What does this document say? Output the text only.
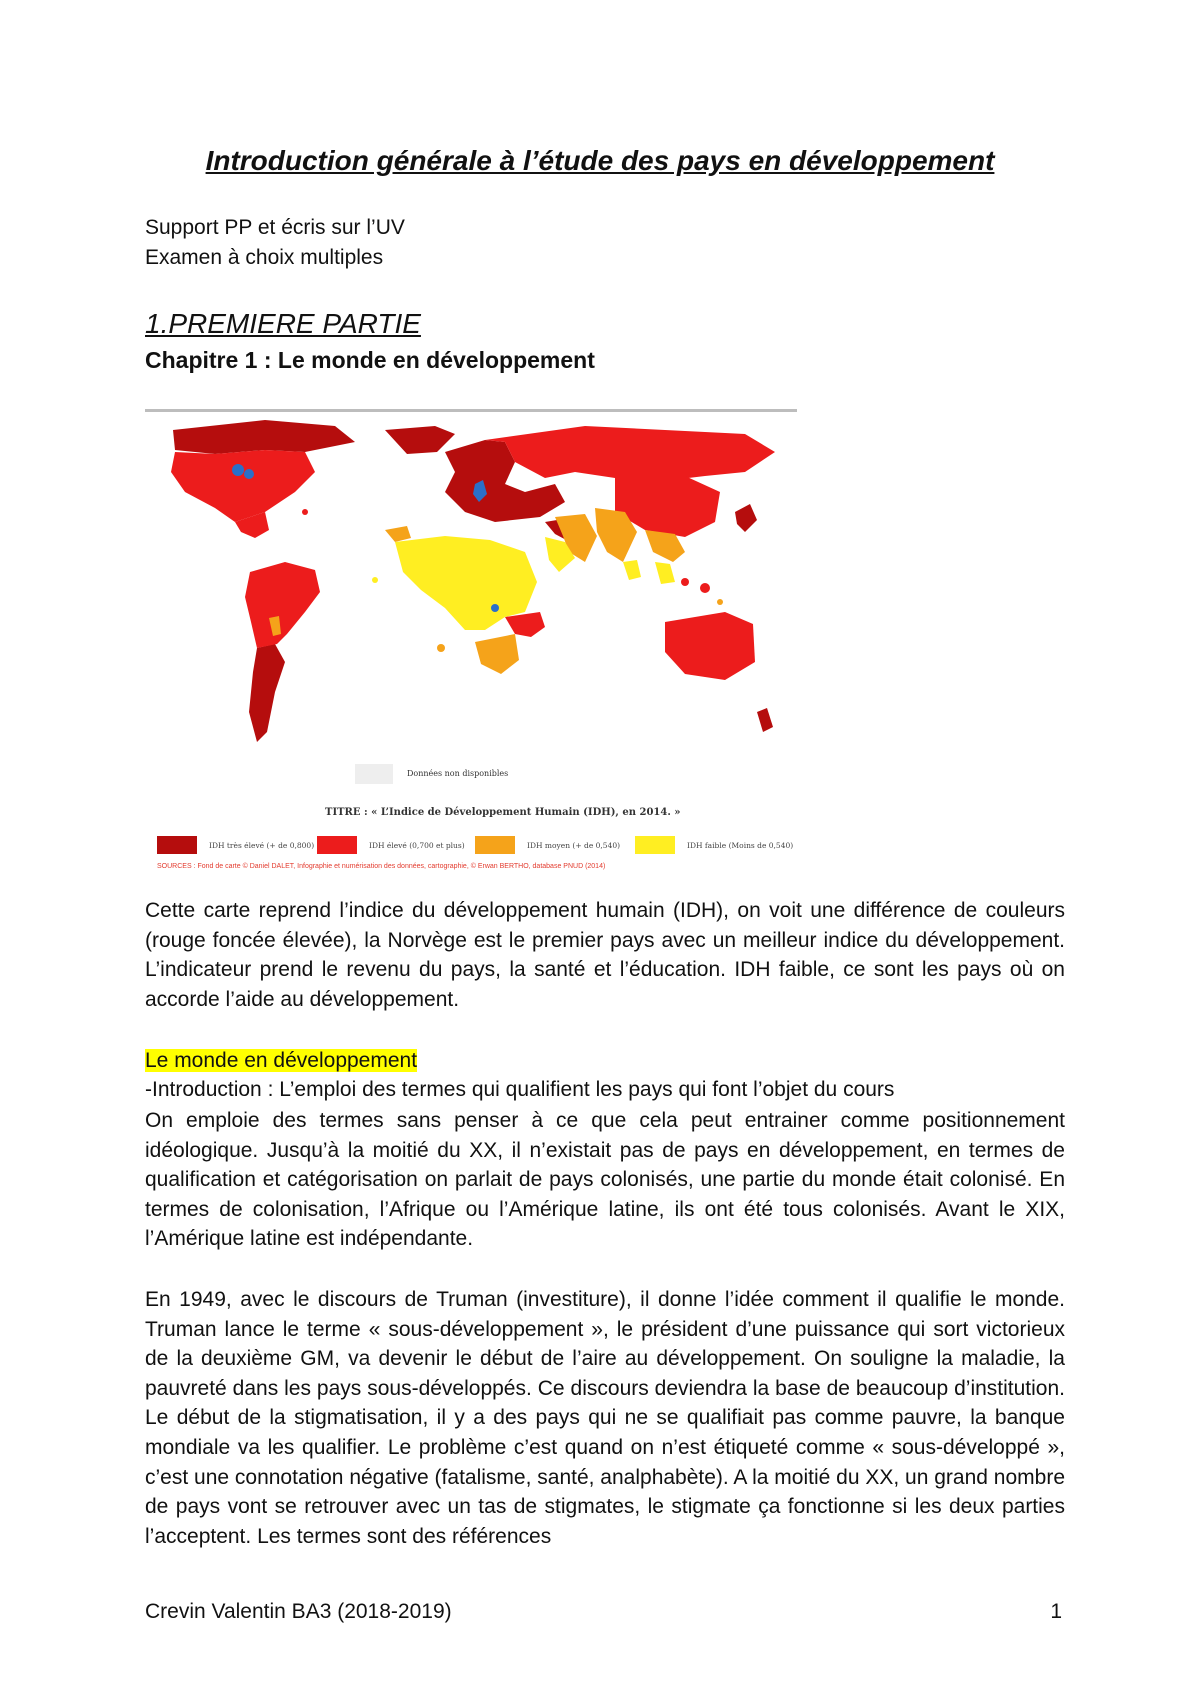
Introduction générale à l’étude des pays en développement
Support PP et écris sur l’UV
Examen à choix multiples
1.PREMIERE PARTIE
Chapitre 1 : Le monde en développement
Données non disponibles
TITRE : « L’Indice de Développement Humain (IDH), en 2014. »
IDH très élevé (+ de 0,800)	IDH élevé (0,700 et plus)	IDH moyen (+ de 0,540)	IDH faible (Moins de 0,540)
SOURCES : Fond de carte © Daniel DALET, Infographie et numérisation des données, cartographie, © Erwan BERTHO, database PNUD (2014)

Cette carte reprend l’indice du développement humain (IDH), on voit une différence de couleurs (rouge foncée élevée), la Norvège est le premier pays avec un meilleur indice du développement. L’indicateur prend le revenu du pays, la santé et l’éducation. IDH faible, ce sont les pays où on accorde l’aide au développement.

Le monde en développement
-Introduction : L’emploi des termes qui qualifient les pays qui font l’objet du cours

On emploie des termes sans penser à ce que cela peut entrainer comme positionnement idéologique. Jusqu’à la moitié du XX, il n’existait pas de pays en développement, en termes de qualification et catégorisation on parlait de pays colonisés, une partie du monde était colonisé. En termes de colonisation, l’Afrique ou l’Amérique latine, ils ont été tous colonisés. Avant le XIX, l’Amérique latine est indépendante.

En 1949, avec le discours de Truman (investiture), il donne l’idée comment il qualifie le monde. Truman lance le terme « sous-développement », le président d’une puissance qui sort victorieux de la deuxième GM, va devenir le début de l’aire au développement. On souligne la maladie, la pauvreté dans les pays sous-développés. Ce discours deviendra la base de beaucoup d’institution. Le début de la stigmatisation, il y a des pays qui ne se qualifiait pas comme pauvre, la banque mondiale va les qualifier. Le problème c’est quand on n’est étiqueté comme « sous-développé », c’est une connotation négative (fatalisme, santé, analphabète). A la moitié du XX, un grand nombre de pays vont se retrouver avec un tas de stigmates, le stigmate ça fonctionne si les deux parties l’acceptent. Les termes sont des références

Crevin Valentin BA3 (2018-2019)	1
